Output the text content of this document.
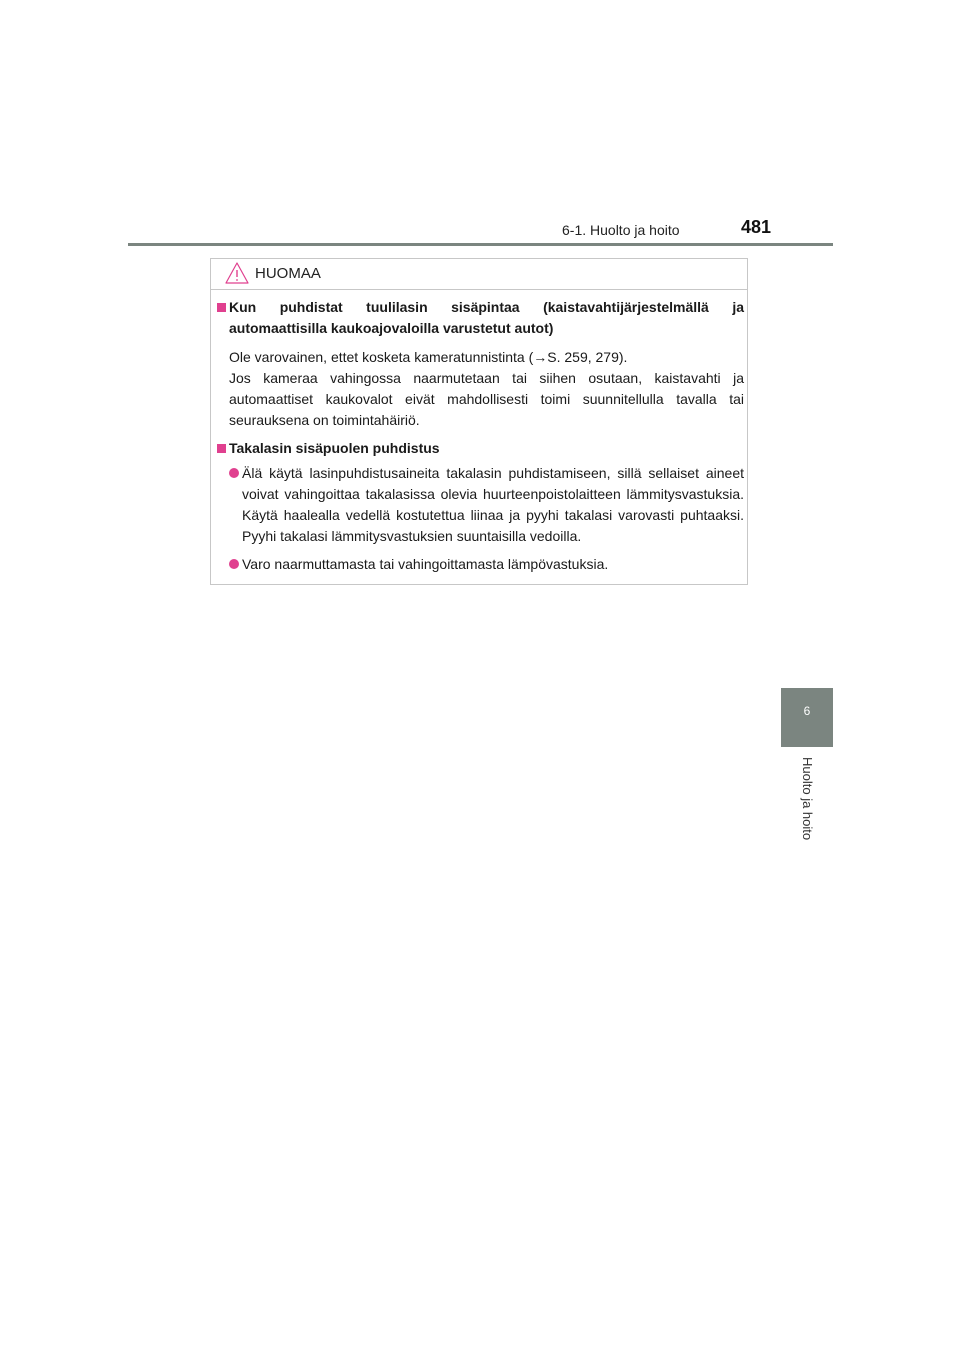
6-1. Huolto ja hoito	481
6
Huolto ja hoito
HUOMAA

Kun puhdistat tuulilasin sisäpintaa (kaistavahtijärjestelmällä ja automaattisilla kaukoajovaloilla varustetut autot)

Ole varovainen, ettet kosketa kameratunnistinta (→S. 259, 279).

Jos kameraa vahingossa naarmutetaan tai siihen osutaan, kaistavahti ja automaattiset kaukovalot eivät mahdollisesti toimi suunnitellulla tavalla tai seurauksena on toimintahäiriö.

Takalasin sisäpuolen puhdistus

Älä käytä lasinpuhdistusaineita takalasin puhdistamiseen, sillä sellaiset aineet voivat vahingoittaa takalasissa olevia huurteenpoistolaitteen lämmitysvastuksia. Käytä haalealla vedellä kostutettua liinaa ja pyyhi takalasi varovasti puhtaaksi. Pyyhi takalasi lämmitysvastuksien suuntaisilla vedoilla.
Varo naarmuttamasta tai vahingoittamasta lämpövastuksia.
